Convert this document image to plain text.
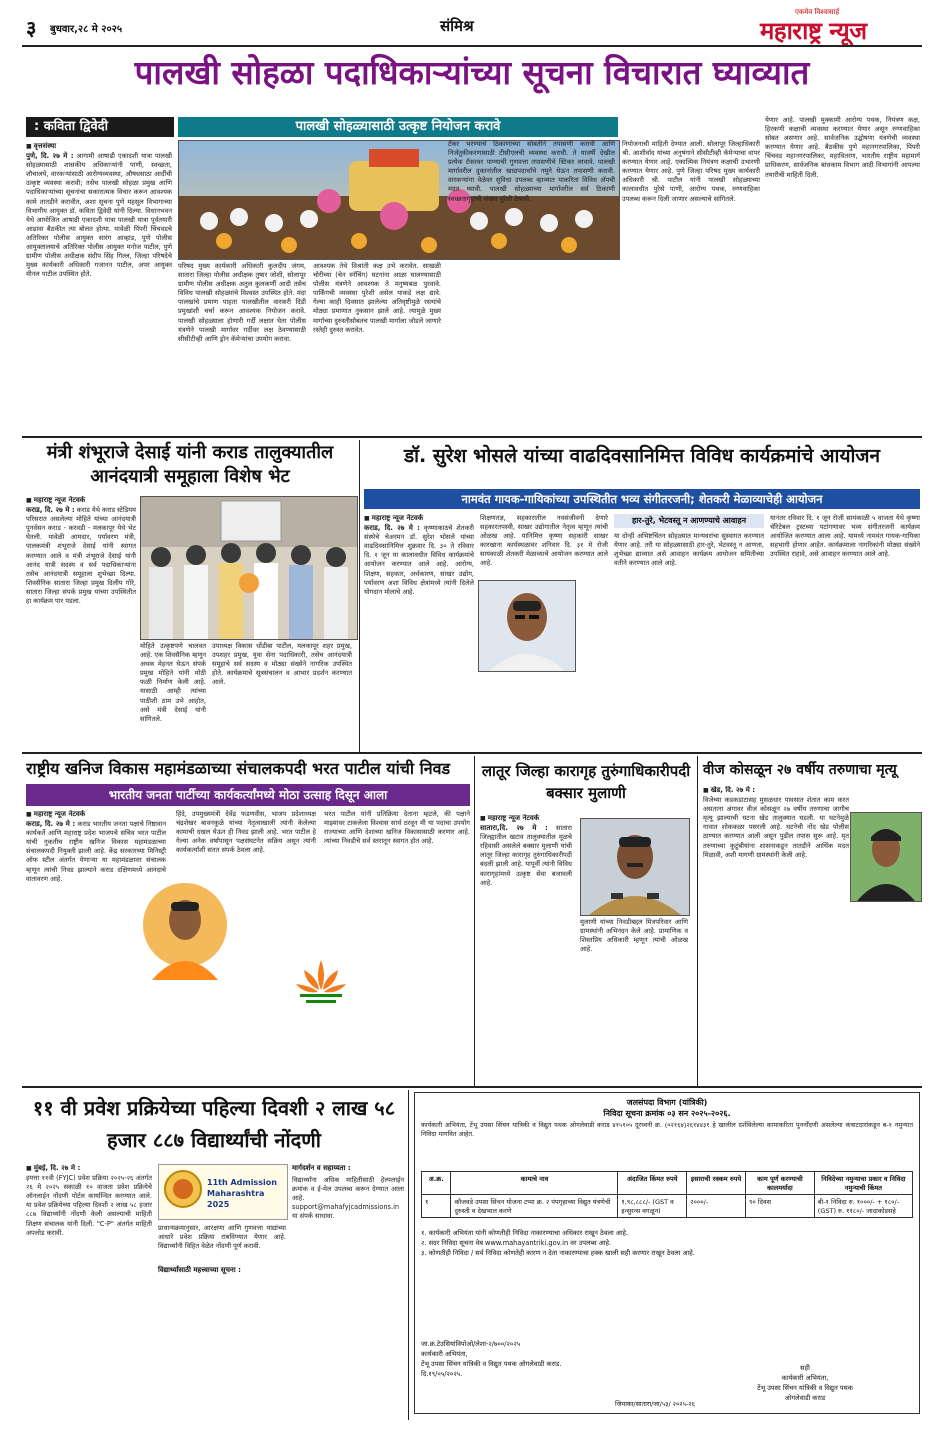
३ बुधवार,२८ मे २०२५	संमिश्र
एकमेव विश्वासार्ह
महाराष्ट्र न्यूज
पालखी सोहळा पदाधिकाऱ्यांच्या सूचना विचारात घ्याव्यात
: कविता द्विवेदी	पालखी सोहळ्यासाठी उत्कृष्ट नियोजन करावे
■ वृत्तसंस्था
पुणे, दि. २७ मे : आगामी आषाढी एकादशी यात्रा पालखी सोहळ्यासाठी शासकीय अधिकाऱ्यांनी पाणी, स्वच्छता, शौचालये, वारकऱ्यांसाठी आरोग्यव्यवस्था, औषधसाठा आदींची उत्कृष्ट व्यवस्था करावी; तसेच पालखी सोहळा प्रमुख आणि पदाधिकाऱ्यांच्या सूचनांचा सकारात्मक विचार करून आवश्यक कामे तातडीने करावीत, अशा सूचना पुणे महसूल विभागाच्या विभागीय आयुक्त डॉ. कविता द्विवेदी यांनी दिल्या. विधानभवन येथे आयोजित आषाढी एकादशी यात्रा पालखी यात्रा पूर्वतयारी आढावा बैठकीत त्या बोलत होत्या. यावेळी पिंपरी चिंचवडचे अतिरिक्त पोलीस आयुक्त सारंग आव्हाड, पुणे पोलीस आयुक्तालयाचे अतिरिक्त पोलीस आयुक्त मनोज पाटील, पुणे ग्रामीण पोलीस अधीक्षक संदीप सिंह गिल्ल, जिल्हा परिषदेचे मुख्य कार्यकारी अधिकारी गजानन पाटील, अपर आयुक्त मीनल पाटील उपस्थित होते.
परिषद मुख्य कार्यकारी अधिकारी कुलदीप जंगम, सातारा जिल्हा पोलीस अधीक्षक तुषार जोशी, सोलापूर ग्रामीण पोलीस अधीक्षक अतुल कुलकर्णी आदी तसेच विविध पालखी सोहळ्यांचे विश्वस्त उपस्थित होते. मंदा पालखांचे प्रमाण पाहता पालखीतील वारकरी दिंडी प्रमुखांशी चर्चा करून आवश्यक नियोजन करावे. पालखी सोहळ्याला होणारी गर्दी लक्षात घेता पोलीस यंत्रणेने पालखी मार्गावर गर्दीवर लक्ष ठेवण्यासाठी सीसीटीव्ही आणि ड्रोन कॅमेऱ्यांचा उपयोग करावा.
आवश्यक तेथे विश्रांती कक्ष उभे करावेत. साखळी चोरीच्या (चेन स्नॅचिंग) घटनांना आळा घालण्यासाठी पोलीस यंत्रणेने आवश्यक ते मनुष्यबळ पुरवावे. पार्किंगची व्यवस्था पुरेशी असेल याकडे लक्ष द्यावे. गेल्या काही दिवसात झालेल्या अतिवृष्टीमुळे रस्त्यांचे मोठ्या प्रमाणात नुकसान झाले आहे. त्यामुळे मुख्य मार्गाच्या दुरुस्तीसोबतच पालखी मार्गाला जोडले जाणारे रस्तेही दुरुस्त करावेत.
टँकर भरण्याचे ठिकाणांच्या सोबतीने तपासणी करावी आणि निर्जंतुकीकरणासाठी टीसीएलची व्यवस्था करावी. ते यावर्षी देखील प्रत्येक टँकरवर पाण्याची गुणवत्ता तपासणीचे स्टिकर लावावे. पालखी मार्गावरील दुकानांतील खाद्यपदार्थांचे नमुने घेऊन तपासणी करावी. वारकऱ्यांना वेळेवर सुविधा उपलब्ध व्हाव्यात याकरिता विविध अ‍ॅपची मदत घ्यावी. पालखी सोहळ्याच्या मार्गावरील सर्व ठिकाणी स्वच्छतागृहांची संख्या पुरेशी ठेवावी.
नियोजनाची माहिती देण्यात आली. सोलापूर जिल्हाधिकारी श्री. आशीर्वाद यांच्या अनुषंगाने सीसीटीव्ही कॅमेऱ्याचा वापर करण्यात येणार आहे. एकात्मिक नियंत्रण कक्षाची उभारणी करण्यात येणार आहे. पुणे जिल्हा परिषद मुख्य कार्यकारी अधिकारी श्री. पाटील यांनी पालखी सोहळ्याच्या कालावधीत पुरेसे पाणी, आरोग्य पथक, रुग्णवाहिका उपलब्ध करून दिली जाणार असल्याचे सांगितले.
येणार आहे. पालखी मुक्कामी आरोग्य पथक, नियंत्रण कक्ष, हिरकणी कक्षाची व्यवस्था करण्यात येणार असून रुग्णवाहिका सोबत असणार आहे. सार्वजनिक उद्घोषणा यंत्रणेची व्यवस्था करण्यात येणार आहे. बैठकीस पुणे महानगरपालिका, पिंपरी चिंचवड महानगरपालिका, महावितरण, भारतीय राष्ट्रीय महामार्ग प्राधिकरण, सार्वजनिक बांधकाम विभाग आदी विभागांनी आपल्या तयारीची माहिती दिली.
मंत्री शंभूराजे देसाई यांनी कराड तालुक्यातील आनंदयात्री समूहाला विशेष भेट
■ महाराष्ट्र न्यूज नेटवर्क
कराड, दि. २७ मे : कराड येथे कराड स्टेडियम परिसरात असलेल्या मोहिते यांच्या आनंदयात्री पुनर्वसन कराड - करवडी - मलकापूर येथे भेट घेतली. यावेळी आमदार, पर्यावरण मंत्री, पालकमंत्री शंभूराजे देसाई यांनी स्वागत करण्यात आले व मंत्री शंभूराजे देसाई यांनी आनंद यात्री सदस्य व सर्व पदाधिकाऱ्यांना तसेच आनंदयात्री समूहाला शुभेच्छा दिल्या. शिवसैनिक सातारा जिल्हा प्रमुख दिलीप गोरे, सातारा जिल्हा संपर्क प्रमुख यांच्या उपस्थितीत हा कार्यक्रम पार पडला.
मोहिते उत्कृष्टपणे चालवत आहे. एक शिवसैनिक म्हणून अथक मेहनत घेऊन संपर्क प्रमुख मोहिते यांनी मोठी फळी निर्माण केली आहे. यासाठी आम्ही त्यांच्या पाठीशी ठाम उभे आहोत, असे मंत्री देसाई यांनी सांगितले.
उपाध्यक्ष विकास धोंडीबा पाटील, मलकापूर शहर प्रमुख, उपशहर प्रमुख, युवा सेना पदाधिकारी, तसेच आनंदयात्री समूहाचे सर्व सदस्य व मोठ्या संख्येने नागरिक उपस्थित होते. कार्यक्रमाचे सूत्रसंचालन व आभार प्रदर्शन करण्यात आले.
डॉ. सुरेश भोसले यांच्या वाढदिवसानिमित्त विविध कार्यक्रमांचे आयोजन
नामवंत गायक-गायिकांच्या उपस्थितीत भव्य संगीतरजनी; शेतकरी मेळाव्याचेही आयोजन
■ महाराष्ट्र न्यूज नेटवर्क
कराड, दि. २७ मे : कृष्णाकाठचे शेतकरी संस्थेचे चेअरमन डॉ. सुरेश भोसले यांच्या वाढदिवसानिमित्त शुक्रवार दि. ३० ते रविवार दि. १ जून या कालावधीत विविध कार्यक्रमांचे आयोजन करण्यात आले आहे. आरोग्य, शिक्षण, सहकार, अर्थकारण, साखर उद्योग, पर्यावरण अशा विविध क्षेत्रांमध्ये त्यांनी दिलेले योगदान मोलाचे आहे.
शिक्षणतज्ञ, सहकारातील नवसंजीवनी देणारे सहकारतपस्वी, साखर उद्योगातील नेतृत्व म्हणून त्यांची ओळख आहे. यानिमित्त कृष्णा सहकारी साखर कारखाना कार्यस्थळावर शनिवार दि. ३१ मे रोजी सायंकाळी शेतकरी मेळाव्याचे आयोजन करण्यात आले आहे.
हार-तुरे, भेटवस्तू न आणण्याचे आवाहन
या दोन्ही अभिष्टचिंतन सोहळ्यात मान्यवरांचा सुस्वागत करण्यात येणार आहे. तरी या सोहळ्यासाठी हार-तुरे, भेटवस्तू न आणता, शुभेच्छा द्याव्यात असे आवाहन कार्यक्रम आयोजन समितीच्या वतीने करण्यात आले आहे.
यानंतर रविवार दि. १ जून रोजी सायंकाळी ५ वाजता येथे कृष्णा चॅरिटेबल ट्रस्टच्या पटांगणावर भव्य संगीतरजनी कार्यक्रम आयोजित करण्यात आला आहे. यामध्ये नामवंत गायक-गायिका सहभागी होणार आहेत. कार्यक्रमाला नागरिकांनी मोठ्या संख्येने उपस्थित राहावे, असे आवाहन करण्यात आले आहे.
राष्ट्रीय खनिज विकास महामंडळाच्या संचालकपदी भरत पाटील यांची निवड
भारतीय जनता पार्टीच्या कार्यकर्त्यांमध्ये मोठा उत्साह दिसून आला
■ महाराष्ट्र न्यूज नेटवर्क
कराड, दि. २७ मे : कराड भारतीय जनता पक्षाचे निष्ठावान कार्यकर्ते आणि महाराष्ट्र प्रदेश भाजपचे सचिव भरत पाटील यांची नुकतीच राष्ट्रीय खनिज विकास महामंडळाच्या संचालकपदी नियुक्ती झाली आहे. केंद्र सरकारच्या मिनिस्ट्री ऑफ स्टील अंतर्गत येणाऱ्या या महामंडळावर संचालक म्हणून त्यांची निवड झाल्याने कराड दक्षिणमध्ये आनंदाचे वातावरण आहे.
हिंदे, उपमुख्यमंत्री देवेंद्र फडणवीस, भाजप प्रदेशाध्यक्ष चंद्रशेखर बावनकुळे यांच्या नेतृत्वाखाली त्यांनी केलेल्या कामाची दखल घेऊन ही निवड झाली आहे. भरत पाटील हे गेल्या अनेक वर्षांपासून पक्षसंघटनेत सक्रिय असून त्यांनी कार्यकर्त्यांशी सतत संपर्क ठेवला आहे.
भरत पाटील यांनी प्रतिक्रिया देताना म्हटले, की पक्षाने माझ्यावर टाकलेला विश्वास सार्थ ठरवून मी या पदाचा उपयोग राज्याच्या आणि देशाच्या खनिज विकासासाठी करणार आहे. त्यांच्या निवडीचे सर्व स्तरातून स्वागत होत आहे.
लातूर जिल्हा कारागृह तुरुंगाधिकारीपदी बक्सार मुलाणी
■ महाराष्ट्र न्यूज नेटवर्क
सातारा,दि. २७ मे : सातारा जिल्ह्यातील खटाव तालुक्यातील मूळचे रहिवासी असलेले बक्सार मुलाणी यांची लातूर जिल्हा कारागृह तुरुंगाधिकारीपदी बदली झाली आहे. यापूर्वी त्यांनी विविध कारागृहांमध्ये उत्कृष्ट सेवा बजावली आहे.
मुलाणी यांच्या निवडीबद्दल मित्रपरिवार आणि ग्रामस्थांनी अभिनंदन केले आहे. प्रामाणिक व शिस्तप्रिय अधिकारी म्हणून त्यांची ओळख आहे.
वीज कोसळून २७ वर्षीय तरुणाचा मृत्यू
■ खेड, दि. २७ मे :
विजेच्या कडकडाटासह मुसळधार पावसात शेतात काम करत असताना अंगावर वीज कोसळून २७ वर्षीय तरुणाचा जागीच मृत्यू झाल्याची घटना खेड तालुक्यात घडली. या घटनेमुळे गावात शोककळा पसरली आहे. घटनेची नोंद खेड पोलीस ठाण्यात करण्यात आली असून पुढील तपास सुरू आहे. मृत तरुणाच्या कुटुंबीयांना शासनाकडून तातडीने आर्थिक मदत मिळावी, अशी मागणी ग्रामस्थांनी केली आहे.
११ वी प्रवेश प्रक्रियेच्या पहिल्या दिवशी २ लाख ५८ हजार ८८७ विद्यार्थ्यांची नोंदणी
■ मुंबई, दि. २७ मे :
इयत्ता ११वी (FYJC) प्रवेश प्रक्रिया २०२५-२६ अंतर्गत २६ मे २०२५ सकाळी १० वाजता प्रवेश प्रक्रियेचे ऑनलाईन नोंदणी पोर्टल कार्यान्वित करण्यात आले. या प्रवेश प्रक्रियेच्या पहिल्या दिवशी २ लाख ५८ हजार ८८७ विद्यार्थ्यांनी नोंदणी केली असल्याची माहिती शिक्षण संचालक यांनी दिली. "C-P" अंतर्गत माहिती अपलोड करावी.
11th Admission Maharashtra 2025
प्राधान्यक्रमानुसार, आरक्षणा आणि गुणवत्ता याद्यांच्या आधारे प्रवेश प्रक्रिया राबविण्यात येणार आहे. विद्यार्थ्यांनी विहित वेळेत नोंदणी पूर्ण करावी.
विद्यार्थ्यांसाठी महत्त्वाच्या सूचना :
मार्गदर्शन व सहाय्यता :
विद्यार्थ्यांना अधिक माहितीसाठी हेल्पलाईन क्रमांक व ई-मेल उपलब्ध करून देण्यात आला आहे. support@mahafyjcadmissions.in या संपर्क साधावा.
जलसंपदा विभाग (यांत्रिकी)
निविदा सूचना क्रमांक ०३ सन २०२५-२०२६.
कार्यकारी अभियंता, टेंभू उपसा सिंचन यांत्रिकी व विद्युत पथक ओगलेवाडी कराड ४१५१०५ दूरध्वनी क्र. (०२१६४)२६१४४३१ हे खालील दर्शविलेल्या कामाकरिता पुनर्नोंदणी असलेल्या कंत्राटदारांकडून ब-१ नमुन्यात निविदा मागवित आहेत.
अ.क्र.	कामाचे नाव	अंदाजित किंमत रुपये	इसाराची रक्कम रुपये	काम पूर्ण करण्याची कालमर्यादा	निविदेच्या नमुन्याचा प्रकार व निविदा नमुन्याची किंमत
१	कौजवडे उपसा सिंचन योजना टप्पा क्र. २ पंपगृहाच्या विद्युत यंत्रणेची दुरुस्ती व देखभाल करणे	१,९८,८८८/- (GST व इन्सुरन्स वगळून)	२०००/-	९० दिवस	बी-१ निविदा रु. १०००/- + १८०/- (GST) रु. ११८०/- जादाकोडसहे
१. कार्यकारी अभियंता यांनी कोणतीही निविदा नाकारण्याचा अधिकार राखून ठेवला आहे.
२. सदर निविदा सूचना वेब www.mahayantriki.gov.in वर उपलब्ध आहे.
३. कोणतीही निविदा / सर्व निविदा कोणतेही कारण न देता नाकारण्याचा हक्क खाली सही करणार राखून ठेवला आहे.
जा.क्र.टेउसियांविपोओ/लेशा-२/७००/२०२५
कार्यकारी अभियंता,
टेंभू उपसा सिंचन यांत्रिकी व विद्युत पथक ओगलेवाडी कराड.
दि.१९/०५/२०२५.
सही
कार्यकारी अभियंता,
टेंभू उपसा सिंचन यांत्रिकी व विद्युत पथक
ओगलेवाडी कराड
जिमाका/सातारा/जा/५३/ २०२५-२६
